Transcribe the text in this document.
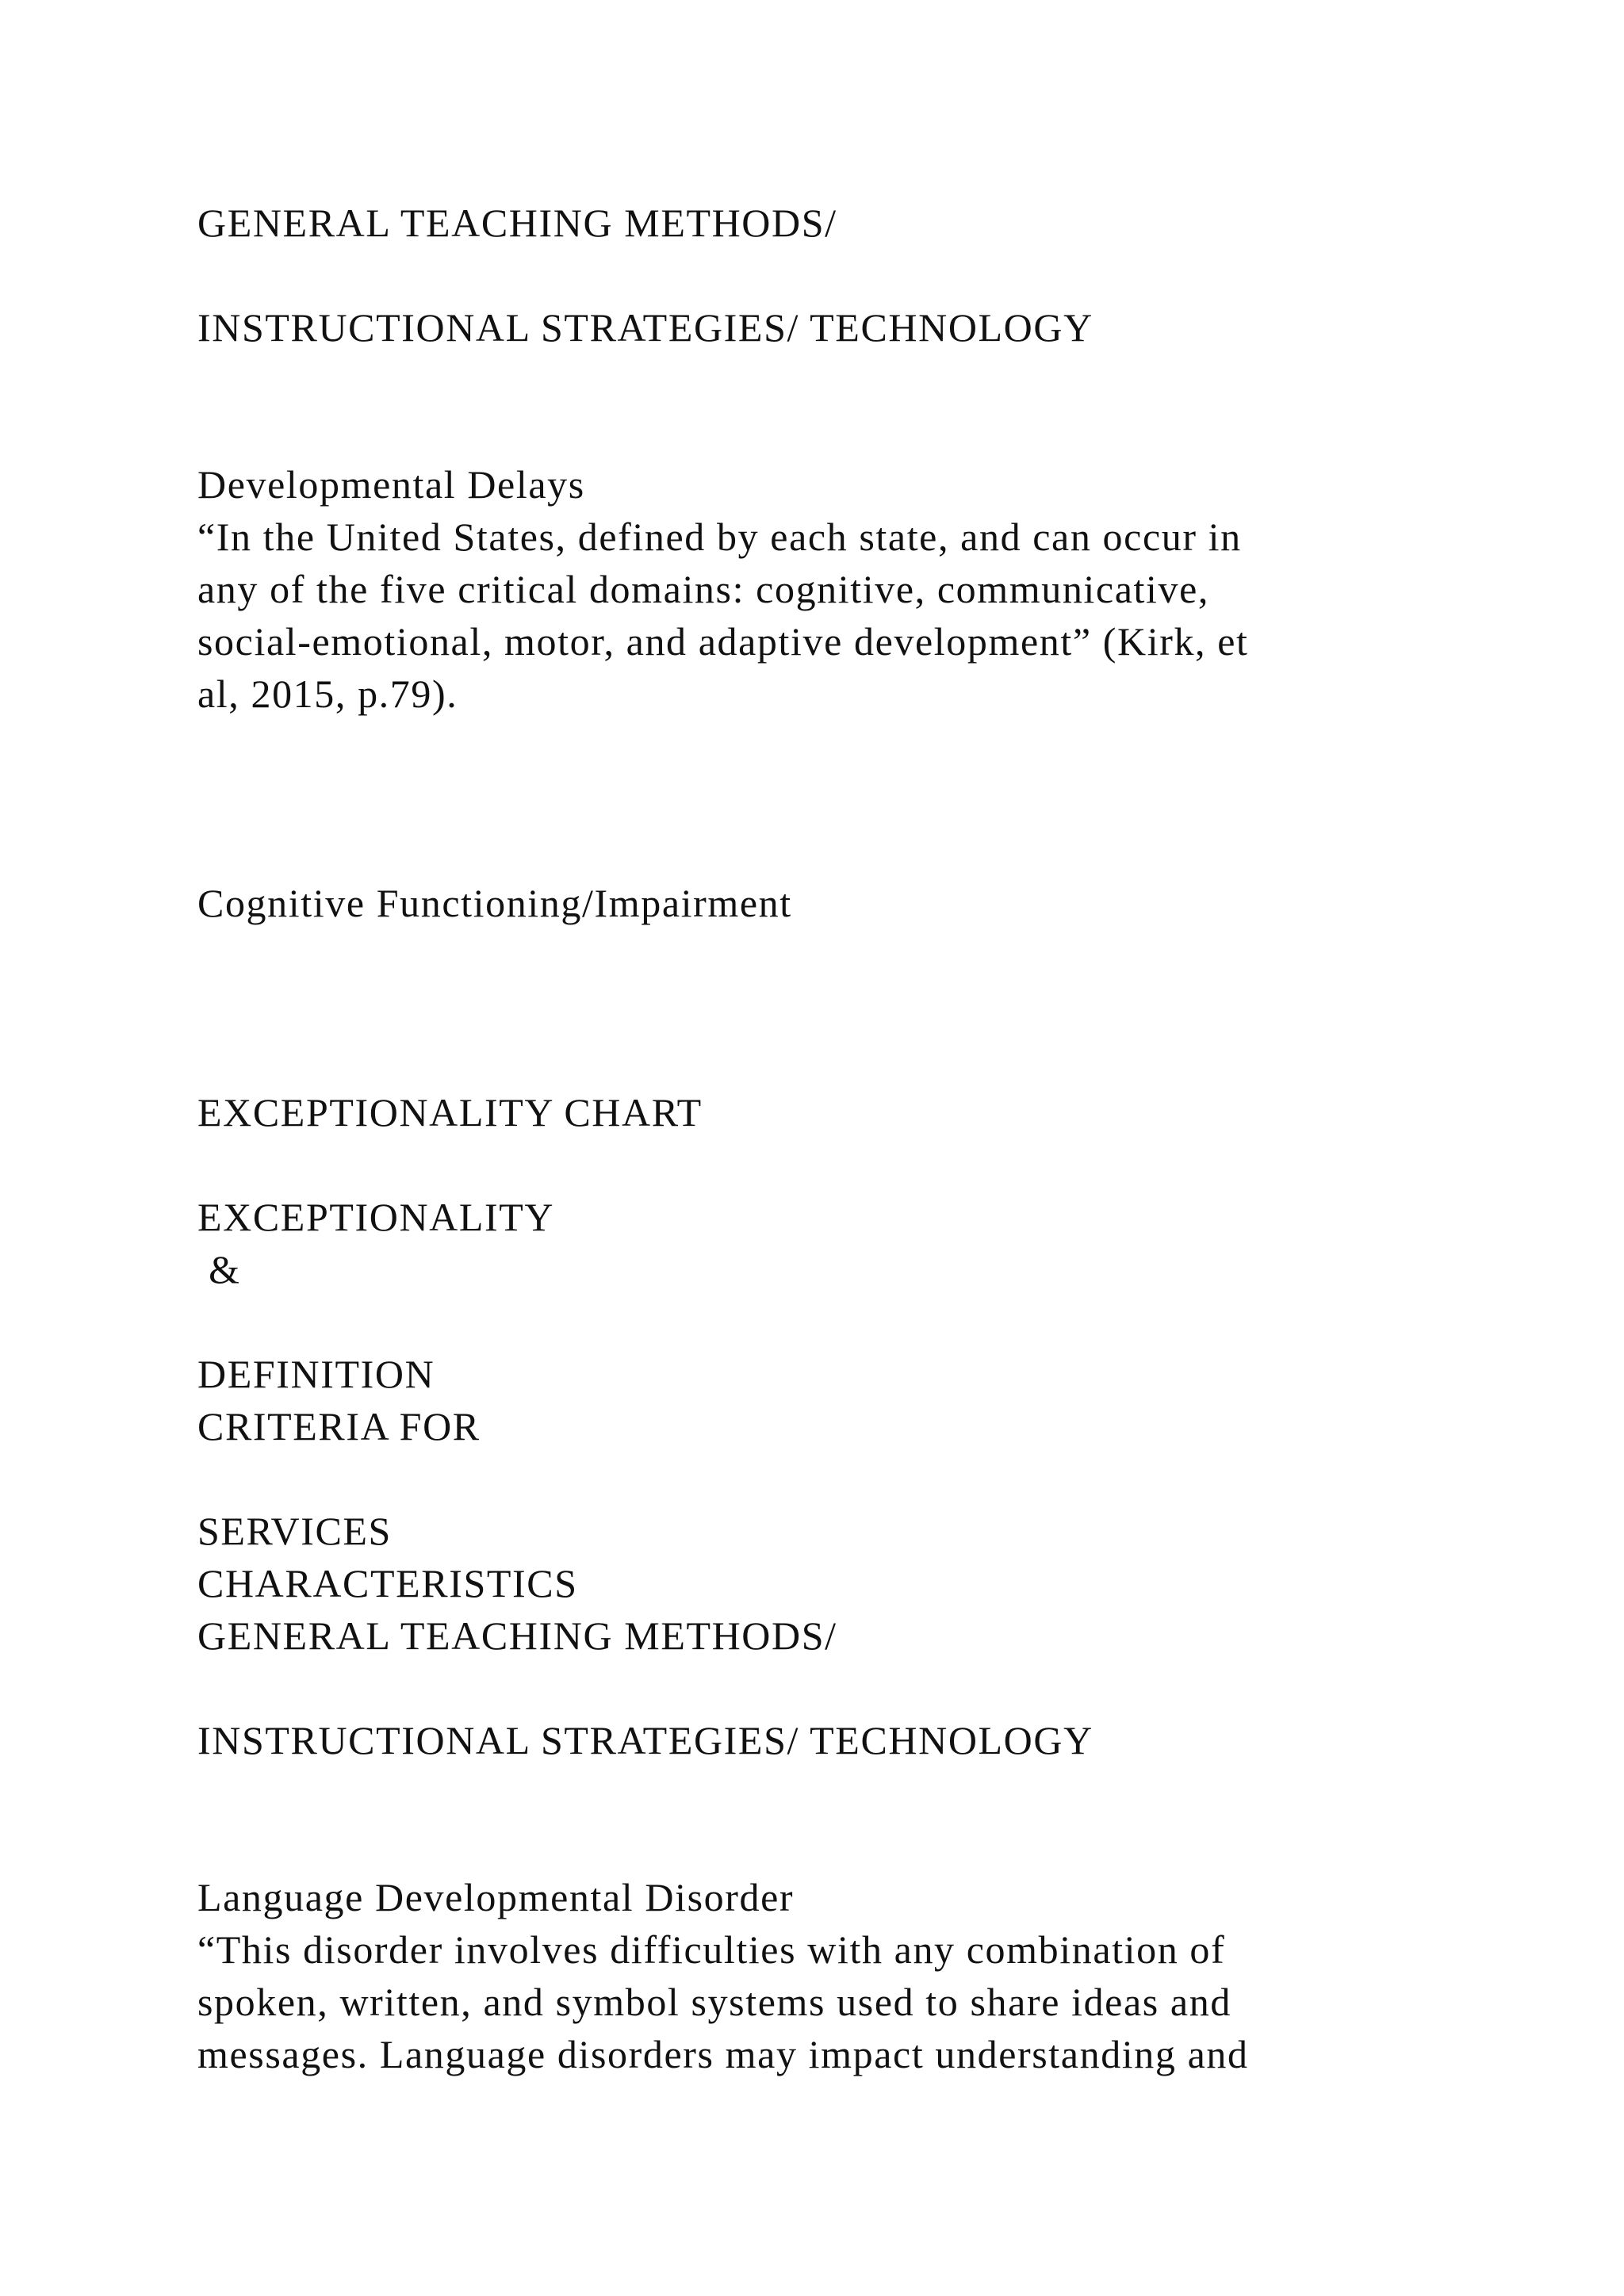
GENERAL TEACHING METHODS/

INSTRUCTIONAL STRATEGIES/ TECHNOLOGY

Developmental Delays

“In the United States, defined by each state, and can occur in

any of the five critical domains: cognitive, communicative,

social-emotional, motor, and adaptive development” (Kirk, et

al, 2015, p.79).

Cognitive Functioning/Impairment

EXCEPTIONALITY CHART

EXCEPTIONALITY

&

DEFINITION

CRITERIA FOR

SERVICES

CHARACTERISTICS

GENERAL TEACHING METHODS/

INSTRUCTIONAL STRATEGIES/ TECHNOLOGY

Language Developmental Disorder

“This disorder involves difficulties with any combination of

spoken, written, and symbol systems used to share ideas and

messages. Language disorders may impact understanding and
